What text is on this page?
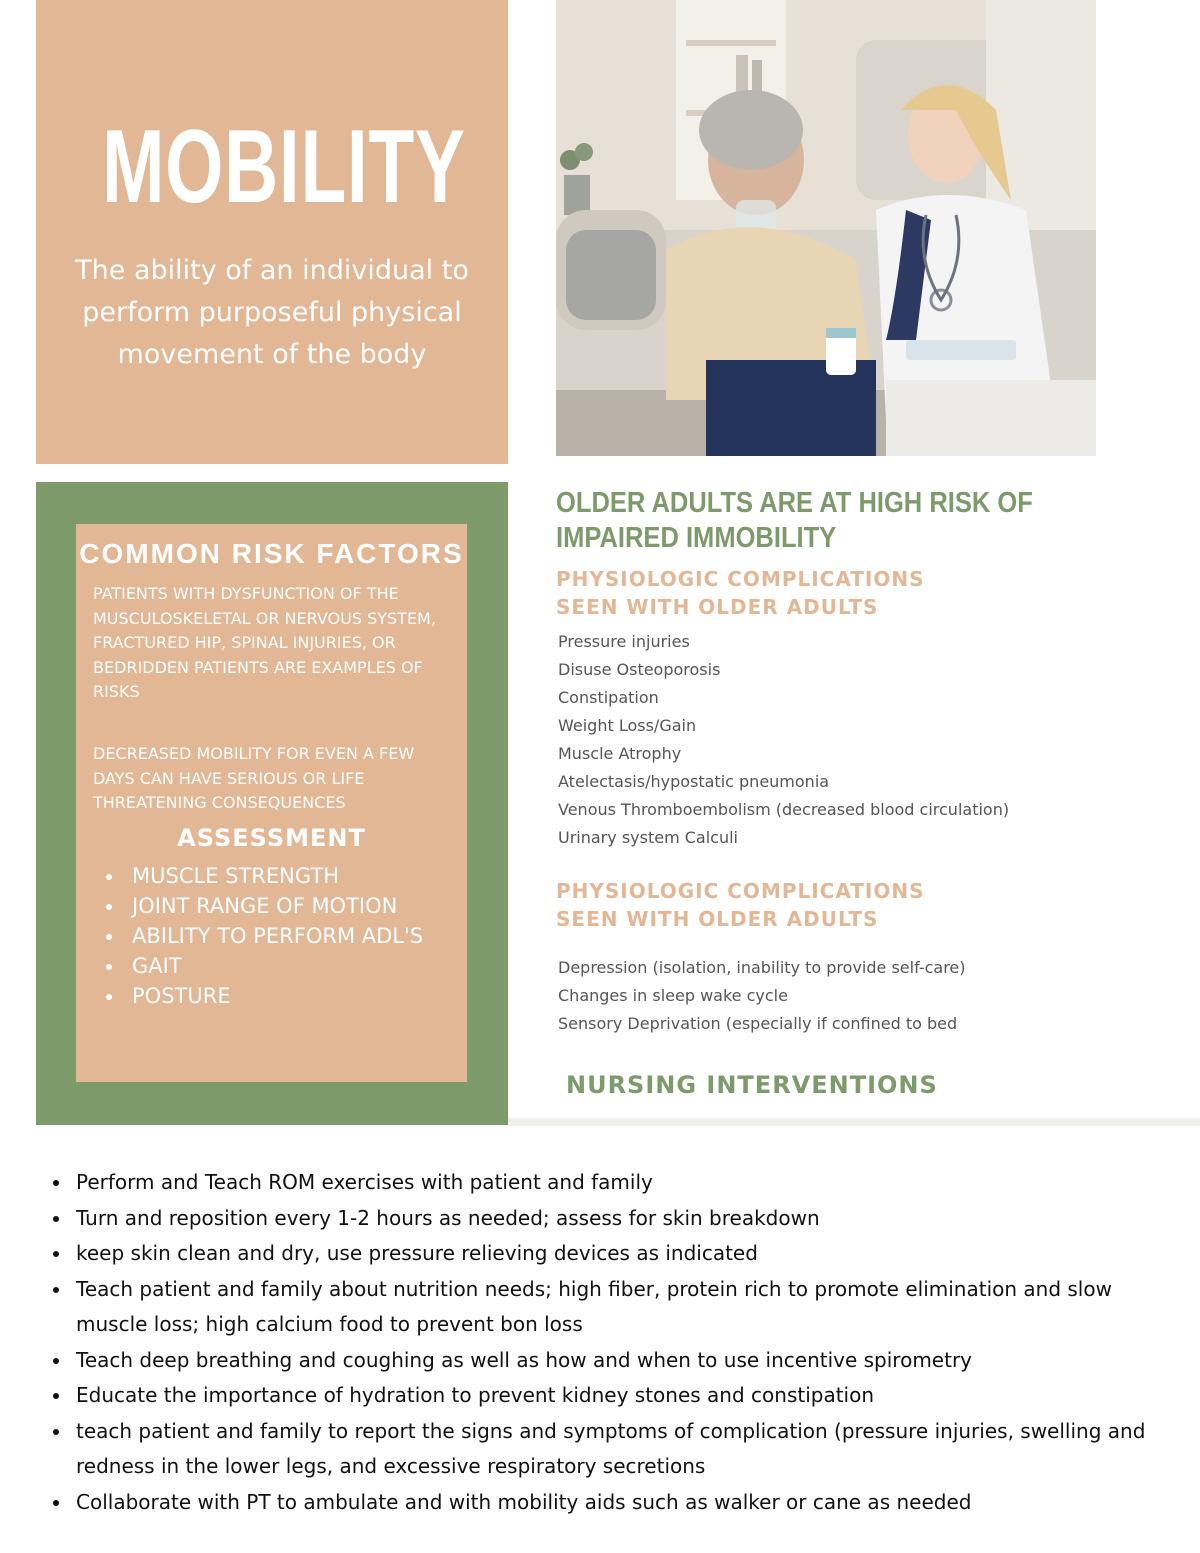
MOBILITY
The ability of an individual to perform purposeful physical movement of the body
COMMON RISK FACTORS
PATIENTS WITH DYSFUNCTION OF THE MUSCULOSKELETAL OR NERVOUS SYSTEM, FRACTURED HIP, SPINAL INJURIES, OR BEDRIDDEN PATIENTS ARE EXAMPLES OF RISKS
DECREASED MOBILITY FOR EVEN A FEW DAYS CAN HAVE SERIOUS OR LIFE THREATENING CONSEQUENCES
ASSESSMENT
MUSCLE STRENGTH
JOINT RANGE OF MOTION
ABILITY TO PERFORM ADL'S
GAIT
POSTURE
OLDER ADULTS ARE AT HIGH RISK OF IMPAIRED IMMOBILITY
PHYSIOLOGIC COMPLICATIONS SEEN WITH OLDER ADULTS
Pressure injuries
Disuse Osteoporosis
Constipation
Weight Loss/Gain
Muscle Atrophy
Atelectasis/hypostatic pneumonia
Venous Thromboembolism (decreased blood circulation)
Urinary system Calculi
PHYSIOLOGIC COMPLICATIONS SEEN WITH OLDER ADULTS
Depression (isolation, inability to provide self-care)
Changes in sleep wake cycle
Sensory Deprivation (especially if confined to bed
NURSING INTERVENTIONS
Perform and Teach ROM exercises with patient and family
Turn and reposition every 1-2 hours as needed; assess for skin breakdown
keep skin clean and dry, use pressure relieving devices as indicated
Teach patient and family about nutrition needs; high fiber, protein rich to promote elimination and slow muscle loss; high calcium food to prevent bon loss
Teach deep breathing and coughing as well as how and when to use incentive spirometry
Educate the importance of hydration to prevent kidney stones and constipation
teach patient and family to report the signs and symptoms of complication (pressure injuries, swelling and redness in the lower legs, and excessive respiratory secretions
Collaborate with PT to ambulate and with mobility aids such as walker or cane as needed
